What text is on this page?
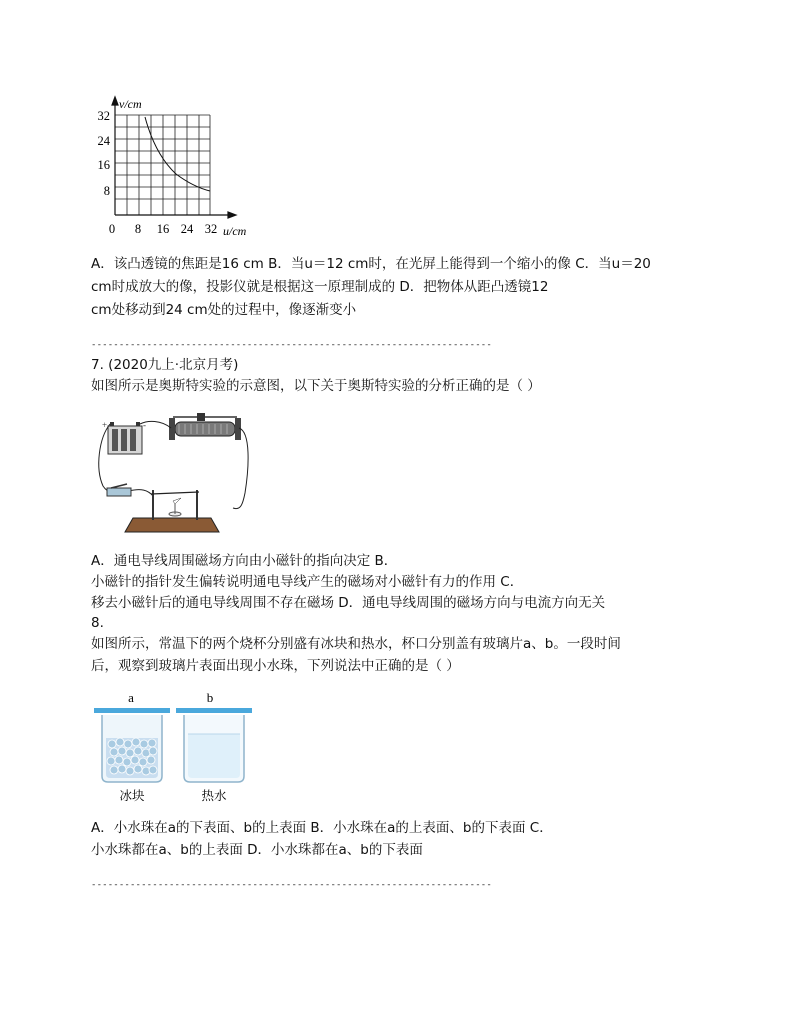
v/cm
u/cm
32
24
16
8
0 8 16 24 32
A．该凸透镜的焦距是16 cm B．当u＝12 cm时，在光屏上能得到一个缩小的像 C．当u＝20
cm时成放大的像，投影仪就是根据这一原理制成的 D．把物体从距凸透镜12
cm处移动到24 cm处的过程中，像逐渐变小
------------------------------------------------------------------------
7. (2020九上·北京月考)
如图所示是奥斯特实验的示意图，以下关于奥斯特实验的分析正确的是（ ）
+	-
A．通电导线周围磁场方向由小磁针的指向决定 B．
小磁针的指针发生偏转说明通电导线产生的磁场对小磁针有力的作用 C．
移去小磁针后的通电导线周围不存在磁场 D．通电导线周围的磁场方向与电流方向无关
8.
如图所示，常温下的两个烧杯分别盛有冰块和热水，杯口分别盖有玻璃片a、b。一段时间
后，观察到玻璃片表面出现小水珠，下列说法中正确的是（ ）
a	b
冰块	热水
A．小水珠在a的下表面、b的上表面 B．小水珠在a的上表面、b的下表面 C．
小水珠都在a、b的上表面 D．小水珠都在a、b的下表面
------------------------------------------------------------------------
